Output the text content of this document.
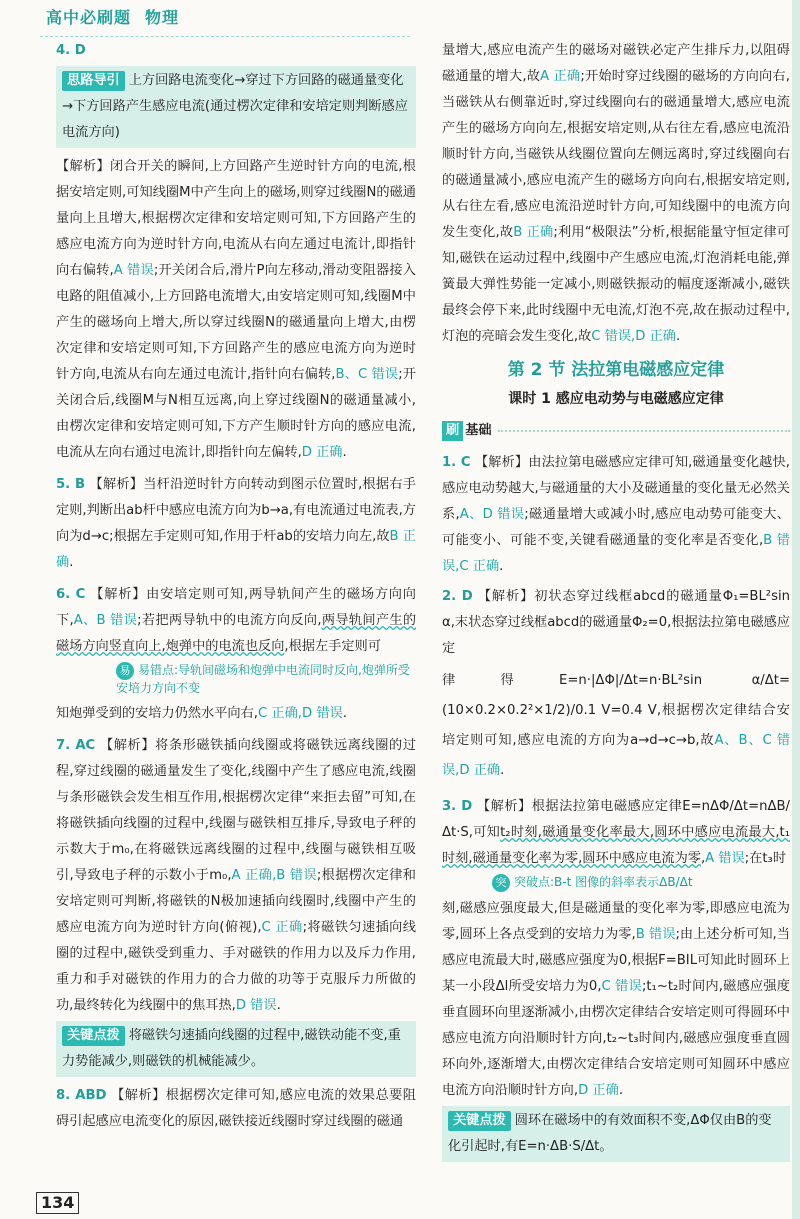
高中必刷题 物理
4. D
思路导引 上方回路电流变化→穿过下方回路的磁通量变化→下方回路产生感应电流(通过楞次定律和安培定则判断感应电流方向)

【解析】闭合开关的瞬间,上方回路产生逆时针方向的电流,根据安培定则,可知线圈M中产生向上的磁场,则穿过线圈N的磁通量向上且增大,根据楞次定律和安培定则可知,下方回路产生的感应电流方向为逆时针方向,电流从右向左通过电流计,即指针向右偏转,A 错误;开关闭合后,滑片P向左移动,滑动变阻器接入电路的阻值减小,上方回路电流增大,由安培定则可知,线圈M中产生的磁场向上增大,所以穿过线圈N的磁通量向上增大,由楞次定律和安培定则可知,下方回路产生的感应电流方向为逆时针方向,电流从右向左通过电流计,指针向右偏转,B、C 错误;开关闭合后,线圈M与N相互远离,向上穿过线圈N的磁通量减小,由楞次定律和安培定则可知,下方产生顺时针方向的感应电流,电流从左向右通过电流计,即指针向左偏转,D 正确.

5. B 【解析】当杆沿逆时针方向转动到图示位置时,根据右手定则,判断出ab杆中感应电流方向为b→a,有电流通过电流表,方向为d→c;根据左手定则可知,作用于杆ab的安培力向左,故B 正确.

6. C 【解析】由安培定则可知,两导轨间产生的磁场方向向下,A、B 错误;若把两导轨中的电流方向反向,两导轨间产生的磁场方向竖直向上,炮弹中的电流也反向,根据左手定则可

易 易错点:导轨间磁场和炮弹中电流同时反向,炮弹所受安培力方向不变

知炮弹受到的安培力仍然水平向右,C 正确,D 错误.

7. AC 【解析】将条形磁铁插向线圈或将磁铁远离线圈的过程,穿过线圈的磁通量发生了变化,线圈中产生了感应电流,线圈与条形磁铁会发生相互作用,根据楞次定律“来拒去留”可知,在将磁铁插向线圈的过程中,线圈与磁铁相互排斥,导致电子秤的示数大于m₀,在将磁铁远离线圈的过程中,线圈与磁铁相互吸引,导致电子秤的示数小于m₀,A 正确,B 错误;根据楞次定律和安培定则可判断,将磁铁的N极加速插向线圈时,线圈中产生的感应电流方向为逆时针方向(俯视),C 正确;将磁铁匀速插向线圈的过程中,磁铁受到重力、手对磁铁的作用力以及斥力作用,重力和手对磁铁的作用力的合力做的功等于克服斥力所做的功,最终转化为线圈中的焦耳热,D 错误.

关键点拨 将磁铁匀速插向线圈的过程中,磁铁动能不变,重力势能减少,则磁铁的机械能减少。

8. ABD 【解析】根据楞次定律可知,感应电流的效果总要阻碍引起感应电流变化的原因,磁铁接近线圈时穿过线圈的磁通

量增大,感应电流产生的磁场对磁铁必定产生排斥力,以阻碍磁通量的增大,故A 正确;开始时穿过线圈的磁场的方向向右,当磁铁从右侧靠近时,穿过线圈向右的磁通量增大,感应电流产生的磁场方向向左,根据安培定则,从右往左看,感应电流沿顺时针方向,当磁铁从线圈位置向左侧远离时,穿过线圈向右的磁通量减小,感应电流产生的磁场方向向右,根据安培定则,从右往左看,感应电流沿逆时针方向,可知线圈中的电流方向发生变化,故B 正确;利用“极限法”分析,根据能量守恒定律可知,磁铁在运动过程中,线圈中产生感应电流,灯泡消耗电能,弹簧最大弹性势能一定减小,则磁铁振动的幅度逐渐减小,磁铁最终会停下来,此时线圈中无电流,灯泡不亮,故在振动过程中,灯泡的亮暗会发生变化,故C 错误,D 正确.

第 2 节 法拉第电磁感应定律
课时 1 感应电动势与电磁感应定律
刷 基础

1. C 【解析】由法拉第电磁感应定律可知,磁通量变化越快,感应电动势越大,与磁通量的大小及磁通量的变化量无必然关系,A、D 错误;磁通量增大或减小时,感应电动势可能变大、可能变小、可能不变,关键看磁通量的变化率是否变化,B 错误,C 正确.

2. D 【解析】初状态穿过线框abcd的磁通量Φ₁=BL²sin α,末状态穿过线框abcd的磁通量Φ₂=0,根据法拉第电磁感应定

律得E=n·|ΔΦ|/Δt=n·BL²sin α/Δt=(10×0.2×0.2²×1/2)/0.1 V=0.4 V,根据楞次定律结合安培定则可知,感应电流的方向为a→d→c→b,故A、B、C 错误,D 正确.

3. D 【解析】根据法拉第电磁感应定律E=nΔΦ/Δt=nΔB/Δt·S,可知t₂时刻,磁通量变化率最大,圆环中感应电流最大,t₁时刻,磁通量变化率为零,圆环中感应电流为零,A 错误;在t₃时

突 突破点:B-t 图像的斜率表示ΔB/Δt

刻,磁感应强度最大,但是磁通量的变化率为零,即感应电流为零,圆环上各点受到的安培力为零,B 错误;由上述分析可知,当感应电流最大时,磁感应强度为0,根据F=BIL可知此时圆环上某一小段Δl所受安培力为0,C 错误;t₁~t₂时间内,磁感应强度垂直圆环向里逐渐减小,由楞次定律结合安培定则可得圆环中感应电流方向沿顺时针方向,t₂~t₃时间内,磁感应强度垂直圆环向外,逐渐增大,由楞次定律结合安培定则可知圆环中感应电流方向沿顺时针方向,D 正确.

关键点拨 圆环在磁场中的有效面积不变,ΔΦ仅由B的变化引起时,有E=n·ΔB·S/Δt。
134
